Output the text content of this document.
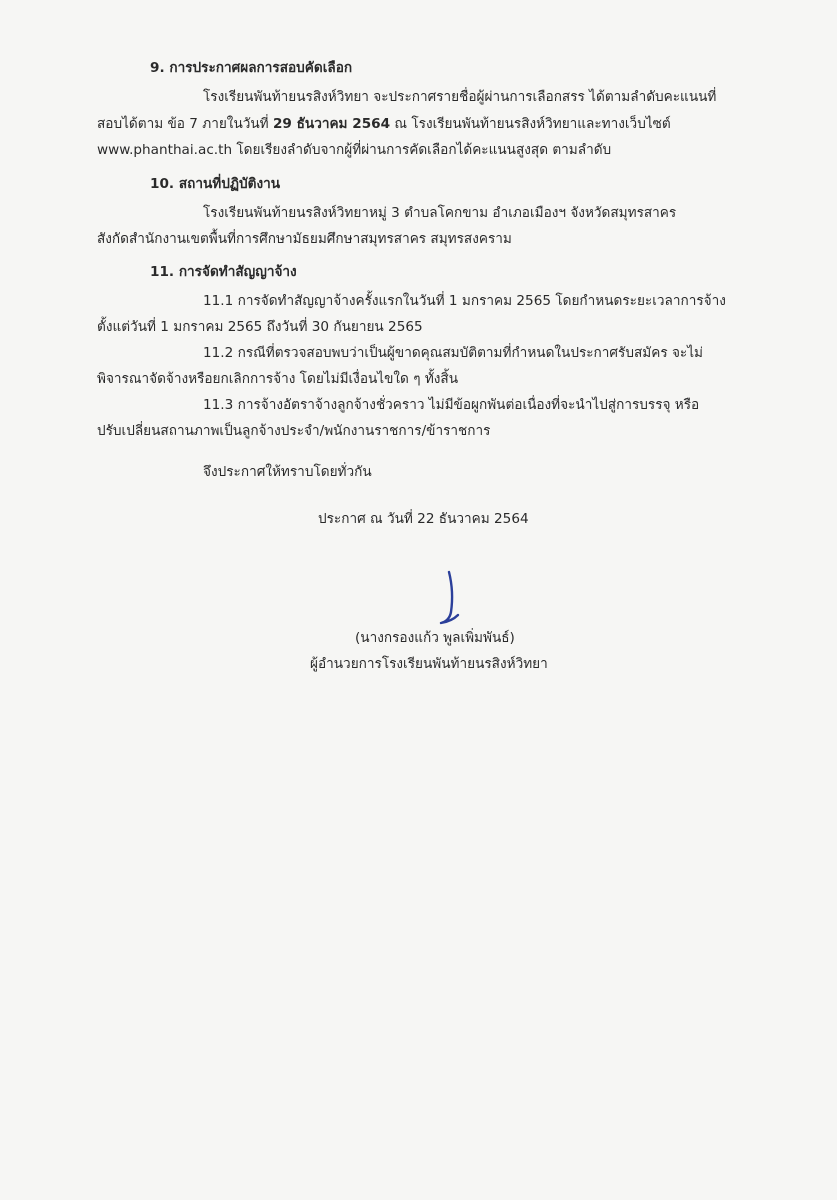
9. การประกาศผลการสอบคัดเลือก
โรงเรียนพันท้ายนรสิงห์วิทยา จะประกาศรายชื่อผู้ผ่านการเลือกสรร ได้ตามลำดับคะแนนที่
สอบได้ตาม ข้อ 7 ภายในวันที่ 29 ธันวาคม 2564 ณ โรงเรียนพันท้ายนรสิงห์วิทยาและทางเว็บไซต์
www.phanthai.ac.th โดยเรียงลำดับจากผู้ที่ผ่านการคัดเลือกได้คะแนนสูงสุด ตามลำดับ
10. สถานที่ปฏิบัติงาน
โรงเรียนพันท้ายนรสิงห์วิทยาหมู่ 3 ตำบลโคกขาม อำเภอเมืองฯ จังหวัดสมุทรสาคร
สังกัดสำนักงานเขตพื้นที่การศึกษามัธยมศึกษาสมุทรสาคร สมุทรสงคราม
11. การจัดทำสัญญาจ้าง
11.1 การจัดทำสัญญาจ้างครั้งแรกในวันที่ 1 มกราคม 2565 โดยกำหนดระยะเวลาการจ้าง
ตั้งแต่วันที่ 1 มกราคม 2565 ถึงวันที่ 30 กันยายน 2565
11.2 กรณีที่ตรวจสอบพบว่าเป็นผู้ขาดคุณสมบัติตามที่กำหนดในประกาศรับสมัคร จะไม่
พิจารณาจัดจ้างหรือยกเลิกการจ้าง โดยไม่มีเงื่อนไขใด ๆ ทั้งสิ้น
11.3 การจ้างอัตราจ้างลูกจ้างชั่วคราว ไม่มีข้อผูกพันต่อเนื่องที่จะนำไปสู่การบรรจุ หรือ
ปรับเปลี่ยนสถานภาพเป็นลูกจ้างประจำ/พนักงานราชการ/ข้าราชการ
จึงประกาศให้ทราบโดยทั่วกัน
ประกาศ ณ วันที่ 22 ธันวาคม 2564
(นางกรองแก้ว พูลเพิ่มพันธ์)
ผู้อำนวยการโรงเรียนพันท้ายนรสิงห์วิทยา
